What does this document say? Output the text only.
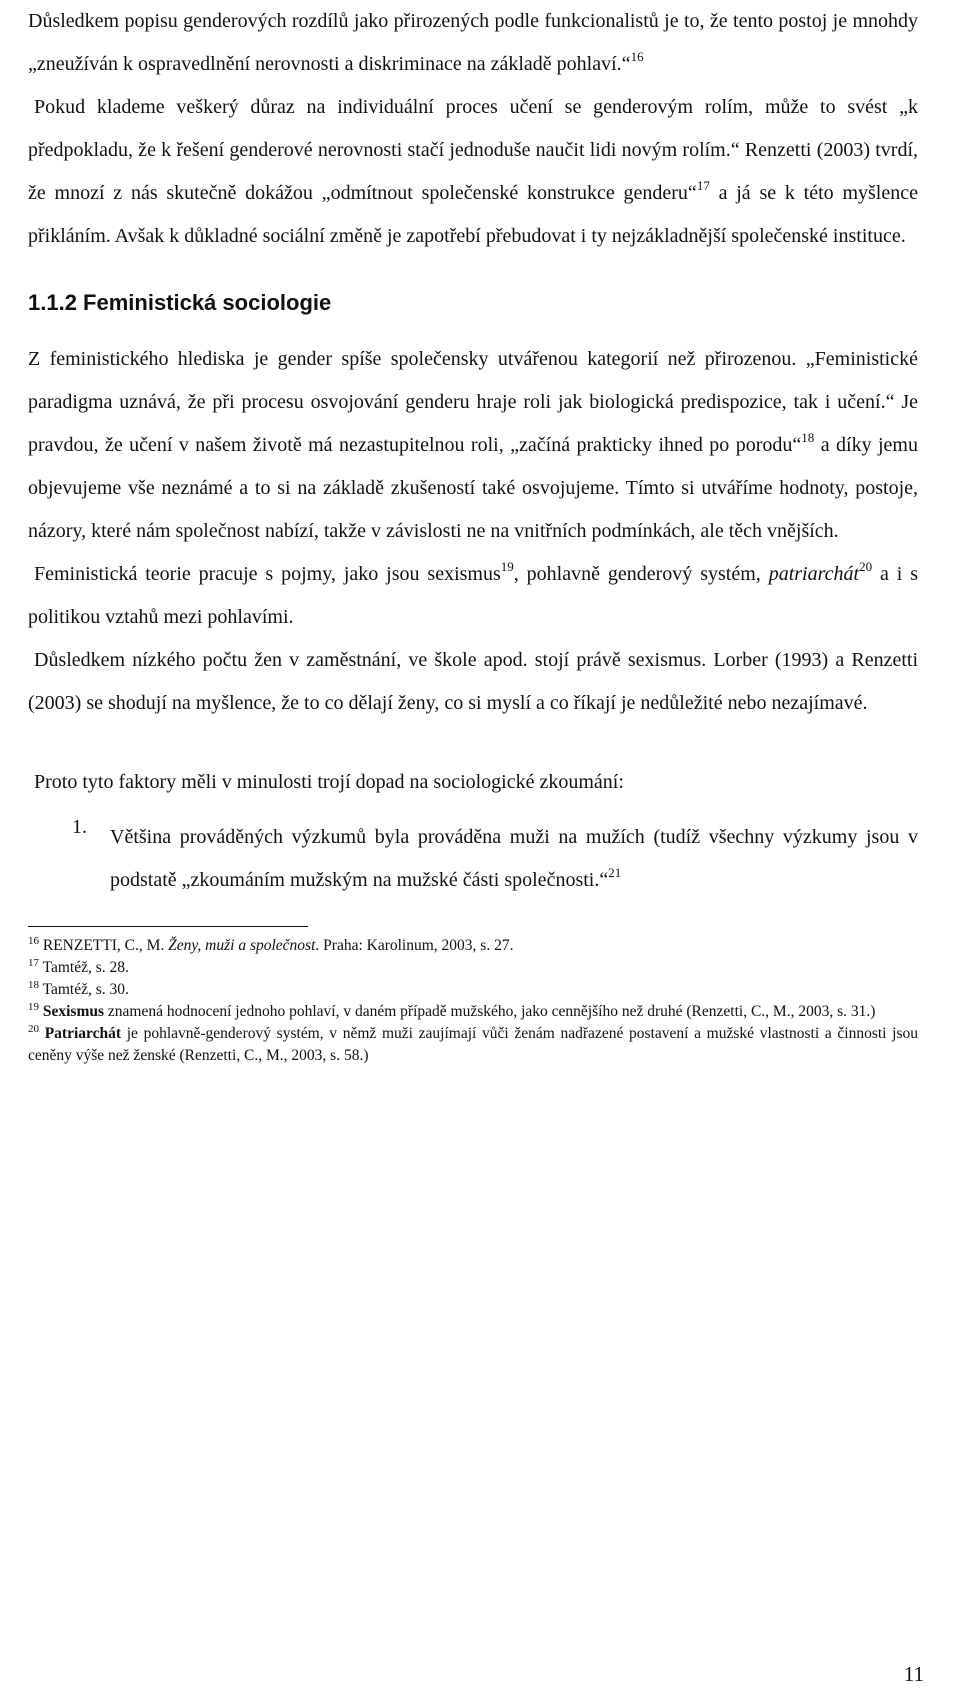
Důsledkem popisu genderových rozdílů jako přirozených podle funkcionalistů je to, že tento postoj je mnohdy „zneužíván k ospravedlnění nerovnosti a diskriminace na základě pohlaví.“$^{16}$

Pokud klademe veškerý důraz na individuální proces učení se genderovým rolím, může to svést „k předpokladu, že k řešení genderové nerovnosti stačí jednoduše naučit lidi novým rolím.“ Renzetti (2003) tvrdí, že mnozí z nás skutečně dokážou „odmítnout společenské konstrukce genderu“$^{17}$ a já se k této myšlence přikláním. Avšak k důkladné sociální změně je zapotřebí přebudovat i ty nejzákladnější společenské instituce.

1.1.2 Feministická sociologie

Z feministického hlediska je gender spíše společensky utvářenou kategorií než přirozenou. „Feministické paradigma uznává, že při procesu osvojování genderu hraje roli jak biologická predispozice, tak i učení.“ Je pravdou, že učení v našem životě má nezastupitelnou roli, „začíná prakticky ihned po porodu“$^{18}$ a díky jemu objevujeme vše neznámé a to si na základě zkušeností také osvojujeme. Tímto si utváříme hodnoty, postoje, názory, které nám společnost nabízí, takže v závislosti ne na vnitřních podmínkách, ale těch vnějších.

Feministická teorie pracuje s pojmy, jako jsou sexismus$^{19}$, pohlavně genderový systém, patriarchát$^{20}$ a i s politikou vztahů mezi pohlavími.

Důsledkem nízkého počtu žen v zaměstnání, ve škole apod. stojí právě sexismus. Lorber (1993) a Renzetti (2003) se shodují na myšlence, že to co dělají ženy, co si myslí a co říkají je nedůležité nebo nezajímavé.

Proto tyto faktory měli v minulosti trojí dopad na sociologické zkoumání:

1. Většina prováděných výzkumů byla prováděna muži na mužích (tudíž všechny výzkumy jsou v podstatě „zkoumáním mužským na mužské části společnosti.“$^{21}$

$^{16}$ RENZETTI, C., M. Ženy, muži a společnost. Praha: Karolinum, 2003, s. 27.

$^{17}$ Tamtéž, s. 28.

$^{18}$ Tamtéž, s. 30.

$^{19}$ Sexismus znamená hodnocení jednoho pohlaví, v daném případě mužského, jako cennějšího než druhé (Renzetti, C., M., 2003, s. 31.)

$^{20}$ Patriarchát je pohlavně-genderový systém, v němž muži zaujímají vůči ženám nadřazené postavení a mužské vlastnosti a činnosti jsou ceněny výše než ženské (Renzetti, C., M., 2003, s. 58.)

11
